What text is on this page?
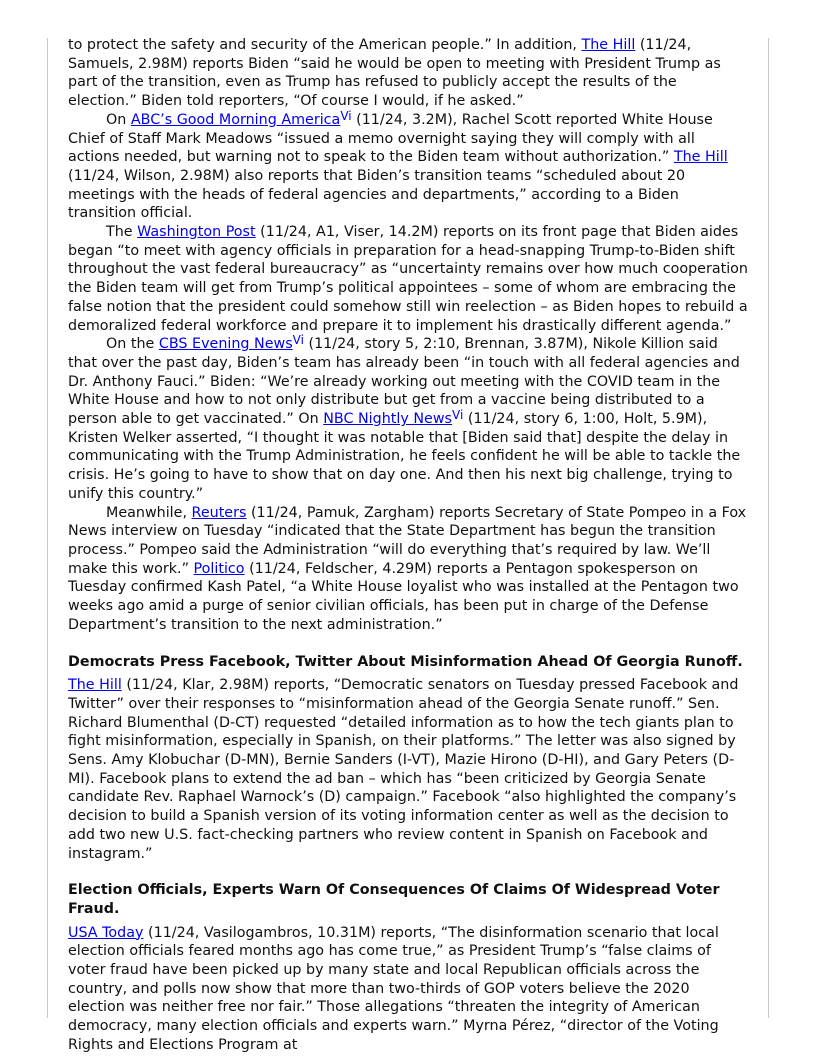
to protect the safety and security of the American people.” In addition, The Hill (11/24, Samuels, 2.98M) reports Biden “said he would be open to meeting with President Trump as part of the transition, even as Trump has refused to publicly accept the results of the election.” Biden told reporters, “Of course I would, if he asked.”

On ABC’s Good Morning America$^{Vi}$ (11/24, 3.2M), Rachel Scott reported White House Chief of Staff Mark Meadows “issued a memo overnight saying they will comply with all actions needed, but warning not to speak to the Biden team without authorization.” The Hill (11/24, Wilson, 2.98M) also reports that Biden’s transition teams “scheduled about 20 meetings with the heads of federal agencies and departments,” according to a Biden transition official.

The Washington Post (11/24, A1, Viser, 14.2M) reports on its front page that Biden aides began “to meet with agency officials in preparation for a head-snapping Trump-to-Biden shift throughout the vast federal bureaucracy” as “uncertainty remains over how much cooperation the Biden team will get from Trump’s political appointees – some of whom are embracing the false notion that the president could somehow still win reelection – as Biden hopes to rebuild a demoralized federal workforce and prepare it to implement his drastically different agenda.”

On the CBS Evening News$^{Vi}$ (11/24, story 5, 2:10, Brennan, 3.87M), Nikole Killion said that over the past day, Biden’s team has already been “in touch with all federal agencies and Dr. Anthony Fauci.” Biden: “We’re already working out meeting with the COVID team in the White House and how to not only distribute but get from a vaccine being distributed to a person able to get vaccinated.” On NBC Nightly News$^{Vi}$ (11/24, story 6, 1:00, Holt, 5.9M), Kristen Welker asserted, “I thought it was notable that [Biden said that] despite the delay in communicating with the Trump Administration, he feels confident he will be able to tackle the crisis. He’s going to have to show that on day one. And then his next big challenge, trying to unify this country.”

Meanwhile, Reuters (11/24, Pamuk, Zargham) reports Secretary of State Pompeo in a Fox News interview on Tuesday “indicated that the State Department has begun the transition process.” Pompeo said the Administration “will do everything that’s required by law. We’ll make this work.” Politico (11/24, Feldscher, 4.29M) reports a Pentagon spokesperson on Tuesday confirmed Kash Patel, “a White House loyalist who was installed at the Pentagon two weeks ago amid a purge of senior civilian officials, has been put in charge of the Defense Department’s transition to the next administration.”

Democrats Press Facebook, Twitter About Misinformation Ahead Of Georgia Runoff.

The Hill (11/24, Klar, 2.98M) reports, “Democratic senators on Tuesday pressed Facebook and Twitter” over their responses to “misinformation ahead of the Georgia Senate runoff.” Sen. Richard Blumenthal (D-CT) requested “detailed information as to how the tech giants plan to fight misinformation, especially in Spanish, on their platforms.” The letter was also signed by Sens. Amy Klobuchar (D-MN), Bernie Sanders (I-VT), Mazie Hirono (D-HI), and Gary Peters (D-MI). Facebook plans to extend the ad ban – which has “been criticized by Georgia Senate candidate Rev. Raphael Warnock’s (D) campaign.” Facebook “also highlighted the company’s decision to build a Spanish version of its voting information center as well as the decision to add two new U.S. fact-checking partners who review content in Spanish on Facebook and instagram.”

Election Officials, Experts Warn Of Consequences Of Claims Of Widespread Voter Fraud.

USA Today (11/24, Vasilogambros, 10.31M) reports, “The disinformation scenario that local election officials feared months ago has come true,” as President Trump’s “false claims of voter fraud have been picked up by many state and local Republican officials across the country, and polls now show that more than two-thirds of GOP voters believe the 2020 election was neither free nor fair.” Those allegations “threaten the integrity of American democracy, many election officials and experts warn.” Myrna Pérez, “director of the Voting Rights and Elections Program at
